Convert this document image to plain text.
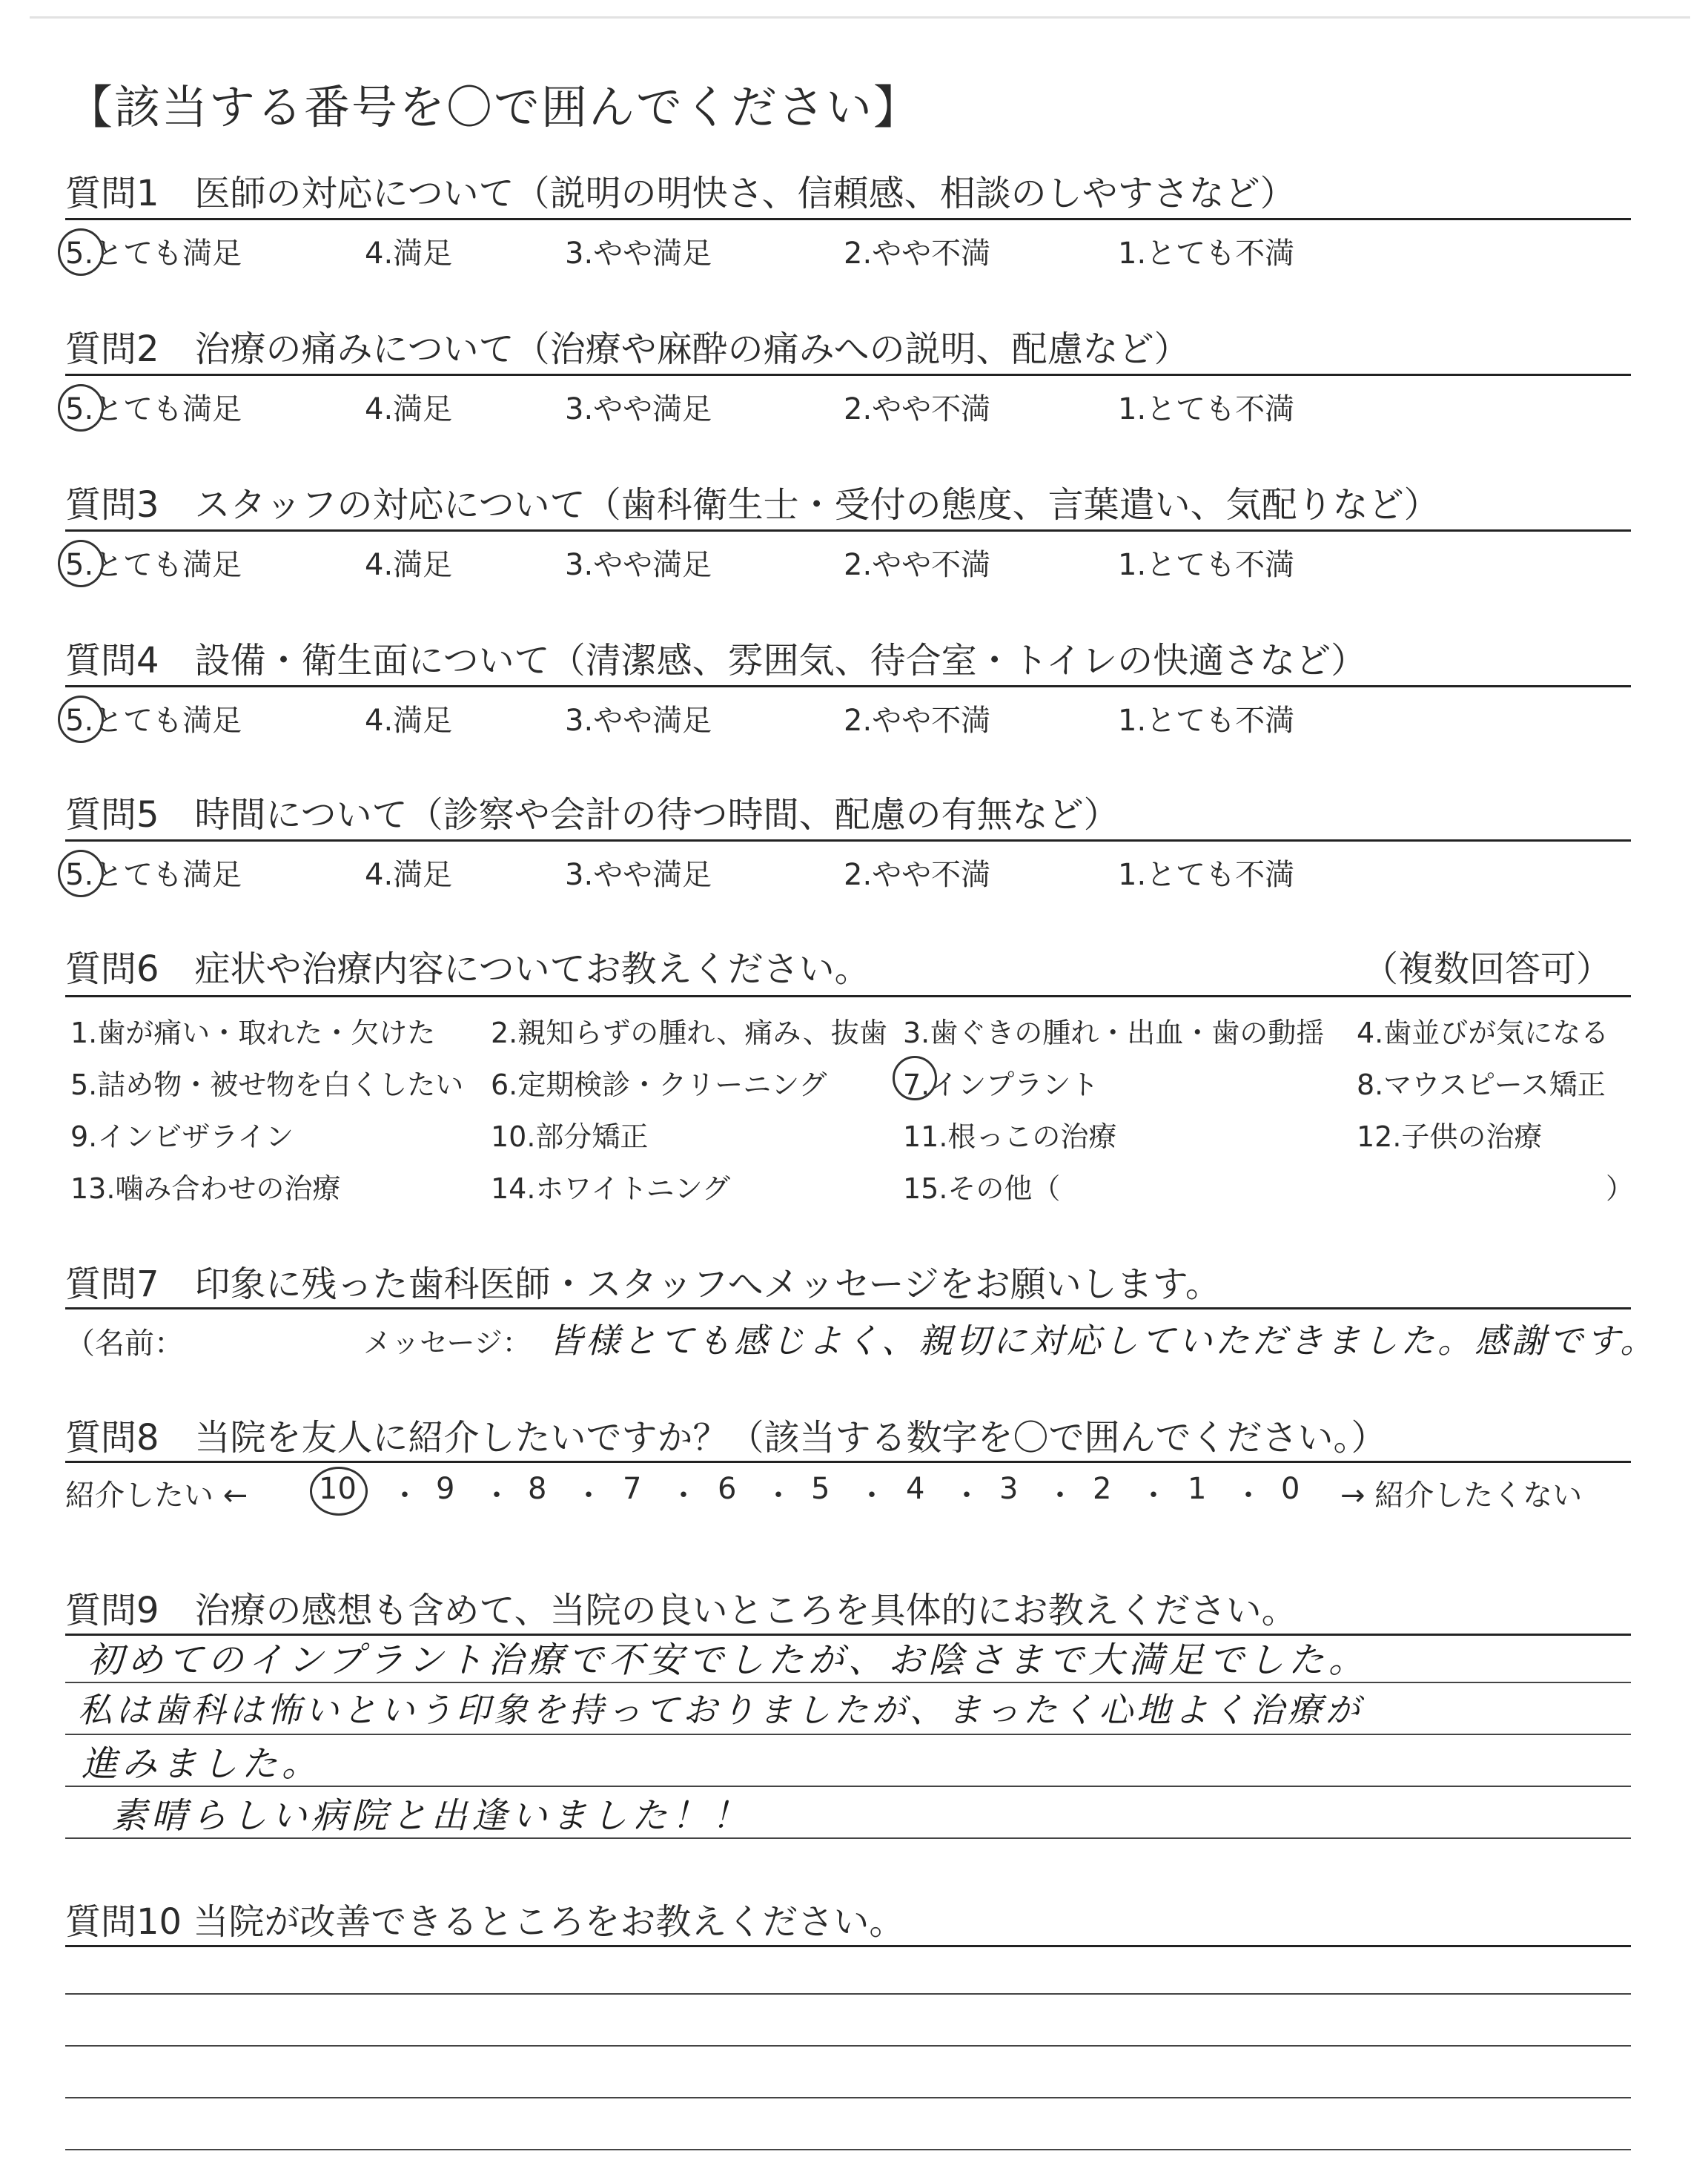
【該当する番号を〇で囲んでください】
質問1　医師の対応について（説明の明快さ、信頼感、相談のしやすさなど）
5.とても満足	4.満足	3.やや満足	2.やや不満	1.とても不満
質問2　治療の痛みについて（治療や麻酔の痛みへの説明、配慮など）
5.とても満足	4.満足	3.やや満足	2.やや不満	1.とても不満
質問3　スタッフの対応について（歯科衛生士・受付の態度、言葉遣い、気配りなど）
5.とても満足	4.満足	3.やや満足	2.やや不満	1.とても不満
質問4　設備・衛生面について（清潔感、雰囲気、待合室・トイレの快適さなど）
5.とても満足	4.満足	3.やや満足	2.やや不満	1.とても不満
質問5　時間について（診察や会計の待つ時間、配慮の有無など）
5.とても満足	4.満足	3.やや満足	2.やや不満	1.とても不満
質問6　症状や治療内容についてお教えください。	（複数回答可）
1.歯が痛い・取れた・欠けた 2.親知らずの腫れ、痛み、抜歯 3.歯ぐきの腫れ・出血・歯の動揺 4.歯並びが気になる
5.詰め物・被せ物を白くしたい 6.定期検診・クリーニング	7.インプラント	8.マウスピース矯正
9.インビザライン	10.部分矯正	11.根っこの治療	12.子供の治療
13.噛み合わせの治療	14.ホワイトニング	15.その他（	）
質問7　印象に残った歯科医師・スタッフへメッセージをお願いします。
（名前：	メッセージ： 皆様とても感じよく、親切に対応していただきました。感謝です。
質問8　当院を友人に紹介したいですか？（該当する数字を〇で囲んでください。）
紹介したい ← 10 ・ 9 ・ 8 ・ 7 ・ 6 ・ 5 ・ 4 ・ 3 ・ 2 ・ 1 ・ 0 → 紹介したくない
質問9　治療の感想も含めて、当院の良いところを具体的にお教えください。
初めてのインプラント治療で不安でしたが、お陰さまで大満足でした。
私は歯科は怖いという印象を持っておりましたが、まったく心地よく治療が
進みました。
素晴らしい病院と出逢いました！！
質問10 当院が改善できるところをお教えください。
